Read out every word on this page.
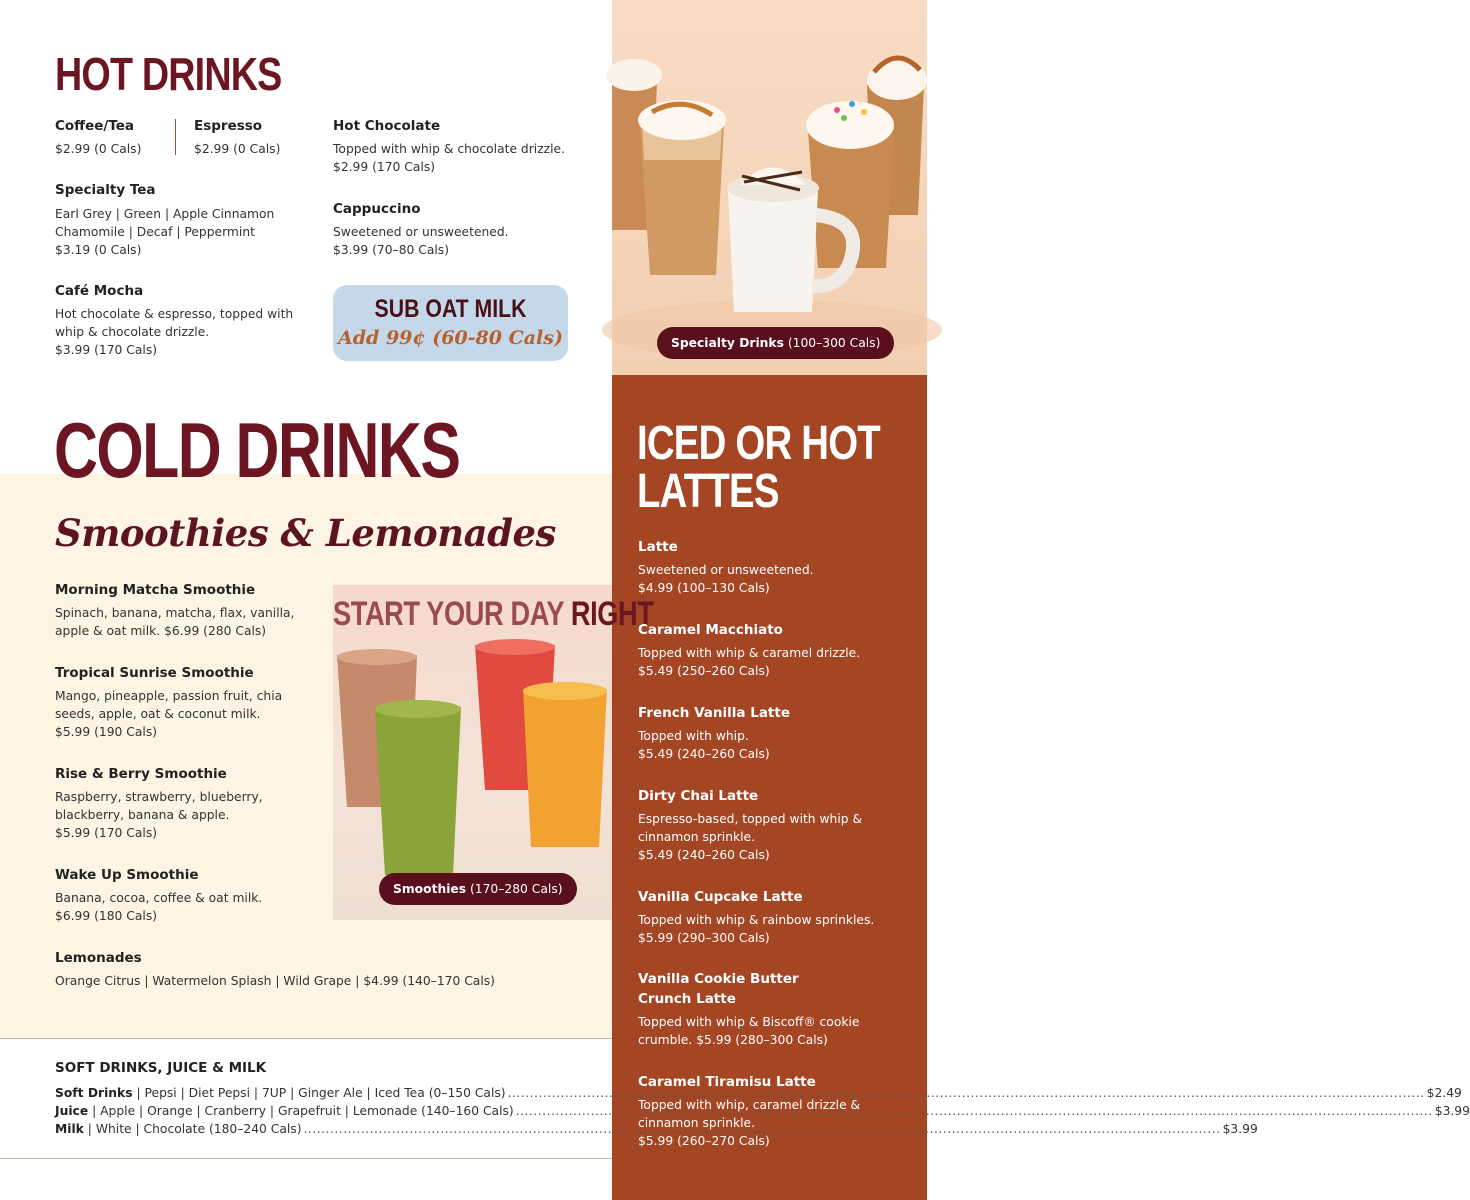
HOT DRINKS
Coffee/Tea
$2.99 (0 Cals)
Espresso
$2.99 (0 Cals)
Hot Chocolate
Topped with whip & chocolate drizzle.
$2.99 (170 Cals)
Specialty Tea
Earl Grey | Green | Apple Cinnamon
Chamomile | Decaf | Peppermint
$3.19 (0 Cals)
Cappuccino
Sweetened or unsweetened.
$3.99 (70–80 Cals)
Café Mocha
Hot chocolate & espresso, topped with
whip & chocolate drizzle.
$3.99 (170 Cals)
SUB OAT MILK
Add 99¢ (60-80 Cals)	Specialty Drinks (100–300 Cals)
COLD DRINKS
Smoothies & Lemonades
Morning Matcha Smoothie
Spinach, banana, matcha, flax, vanilla,
apple & oat milk. $6.99 (280 Cals)
Tropical Sunrise Smoothie
Mango, pineapple, passion fruit, chia
seeds, apple, oat & coconut milk.
$5.99 (190 Cals)
Rise & Berry Smoothie
Raspberry, strawberry, blueberry,
blackberry, banana & apple.
$5.99 (170 Cals)
Wake Up Smoothie
Banana, cocoa, coffee & oat milk.
$6.99 (180 Cals)
Lemonades
Orange Citrus | Watermelon Splash | Wild Grape | $4.99 (140–170 Cals)
START YOUR DAY RIGHT
Smoothies (170–280 Cals)
SOFT DRINKS, JUICE & MILK
Soft Drinks | Pepsi | Diet Pepsi | 7UP | Ginger Ale | Iced Tea (0–150 Cals) .....	$2.49
Juice | Apple | Orange | Cranberry | Grapefruit | Lemonade (140–160 Cals) .....	$3.99
Milk | White | Chocolate (180–240 Cals) .....	$3.99
ICED OR HOT
LATTES
Latte
Sweetened or unsweetened.
$4.99 (100–130 Cals)
Caramel Macchiato
Topped with whip & caramel drizzle.
$5.49 (250–260 Cals)
French Vanilla Latte
Topped with whip.
$5.49 (240–260 Cals)
Dirty Chai Latte
Espresso-based, topped with whip &
cinnamon sprinkle.
$5.49 (240–260 Cals)
Vanilla Cupcake Latte
Topped with whip & rainbow sprinkles.
$5.99 (290–300 Cals)
Vanilla Cookie Butter
Crunch Latte
Topped with whip & Biscoff® cookie
crumble. $5.99 (280–300 Cals)
Caramel Tiramisu Latte
Topped with whip, caramel drizzle &
cinnamon sprinkle.
$5.99 (260–270 Cals)
